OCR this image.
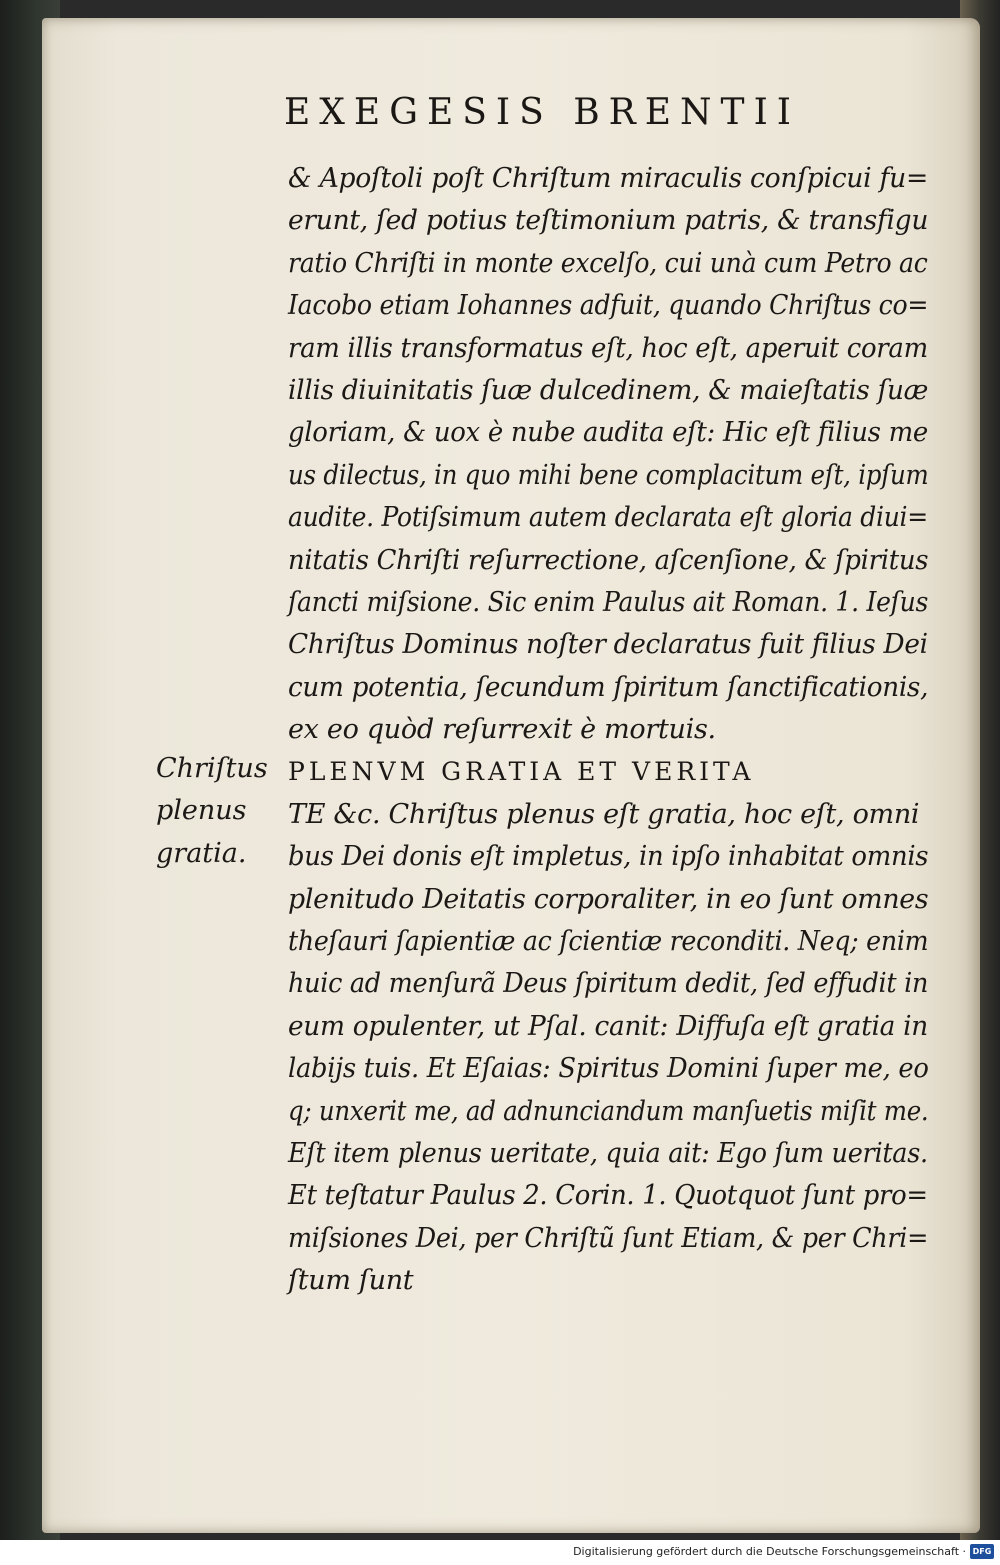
EXEGESIS BRENTII
Chriſtus
plenus
gratia.
& Apoſtoli poſt Chriſtum miraculis conſpicui fu=
erunt, ſed potius teſtimonium patris, & transfigu
ratio Chriſti in monte excelſo, cui unà cum Petro ac
Iacobo etiam Iohannes adfuit, quando Chriſtus co=
ram illis transformatus eſt, hoc eſt, aperuit coram
illis diuinitatis ſuæ dulcedinem, & maieſtatis ſuæ
gloriam, & uox è nube audita eſt: Hic eſt filius me
us dilectus, in quo mihi bene complacitum eſt, ipſum
audite. Potiſsimum autem declarata eſt gloria diui=
nitatis Chriſti reſurrectione, aſcenſione, & ſpiritus
ſancti miſsione. Sic enim Paulus ait Roman. 1. Ieſus
Chriſtus Dominus noſter declaratus fuit filius Dei
cum potentia, ſecundum ſpiritum ſanctificationis,
ex eo quòd reſurrexit è mortuis.
PLENVM GRATIA ET VERITA
TE &c. Chriſtus plenus eſt gratia, hoc eſt, omni
bus Dei donis eſt impletus, in ipſo inhabitat omnis
plenitudo Deitatis corporaliter, in eo ſunt omnes
theſauri ſapientiæ ac ſcientiæ reconditi. Neq; enim
huic ad menſurã Deus ſpiritum dedit, ſed effudit in
eum opulenter, ut Pſal. canit: Diffuſa eſt gratia in
labijs tuis. Et Eſaias: Spiritus Domini ſuper me, eo
q; unxerit me, ad adnunciandum manſuetis miſit me.
Eſt item plenus ueritate, quia ait: Ego ſum ueritas.
Et teſtatur Paulus 2. Corin. 1. Quotquot ſunt pro=
miſsiones Dei, per Chriſtũ ſunt Etiam, & per Chri=
ſtum ſunt
Digitalisierung gefördert durch die Deutsche Forschungsgemeinschaft · DFG
